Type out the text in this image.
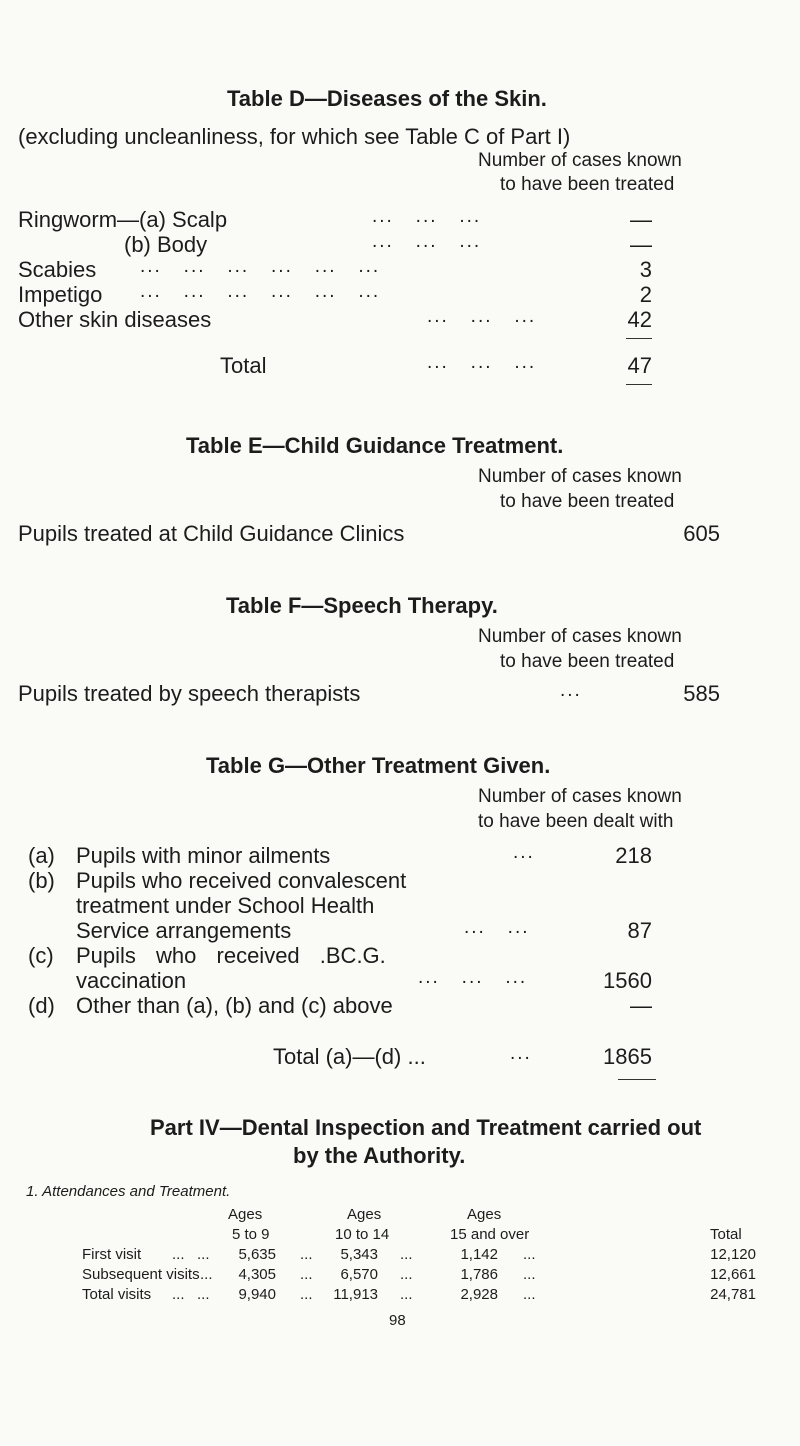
Table D—Diseases of the Skin.
(excluding uncleanliness, for which see Table C of Part I)
Number of cases known
to have been treated
Ringworm—(a) Scalp	...   ...   ...	—
(b) Body	...   ...   ...	—
Scabies ...   ...   ...   ...   ...   ...	3
Impetigo ...   ...   ...   ...   ...   ...	2
Other skin diseases	...   ...   ...	42
Total	...   ...   ...	47
Table E—Child Guidance Treatment.
Number of cases known
to have been treated
Pupils treated at Child Guidance Clinics	605
Table F—Speech Therapy.
Number of cases known
to have been treated
Pupils treated by speech therapists	...	585
Table G—Other Treatment Given.
Number of cases known
to have been dealt with
(a) Pupils with minor ailments	...	218
(b) Pupils who received convalescent
treatment under School Health
Service arrangements	...   ...	87
(c) Pupils who received .BC.G.
vaccination	...   ...   ...	1560
(d) Other than (a), (b) and (c) above	—
Total (a)—(d) ...	...	1865
Part IV—Dental Inspection and Treatment carried out
by the Authority.
1. Attendances and Treatment.
Ages
5 to 9
Ages
10 to 14
Ages
15 and over	Total
First visit ...   ...	5,635 ...	5,343 ...	1,142 ...	12,120
Subsequent visits ...	4,305 ...	6,570 ...	1,786 ...	12,661
Total visits ...   ...	9,940 ...	11,913 ...	2,928 ...	24,781
98
